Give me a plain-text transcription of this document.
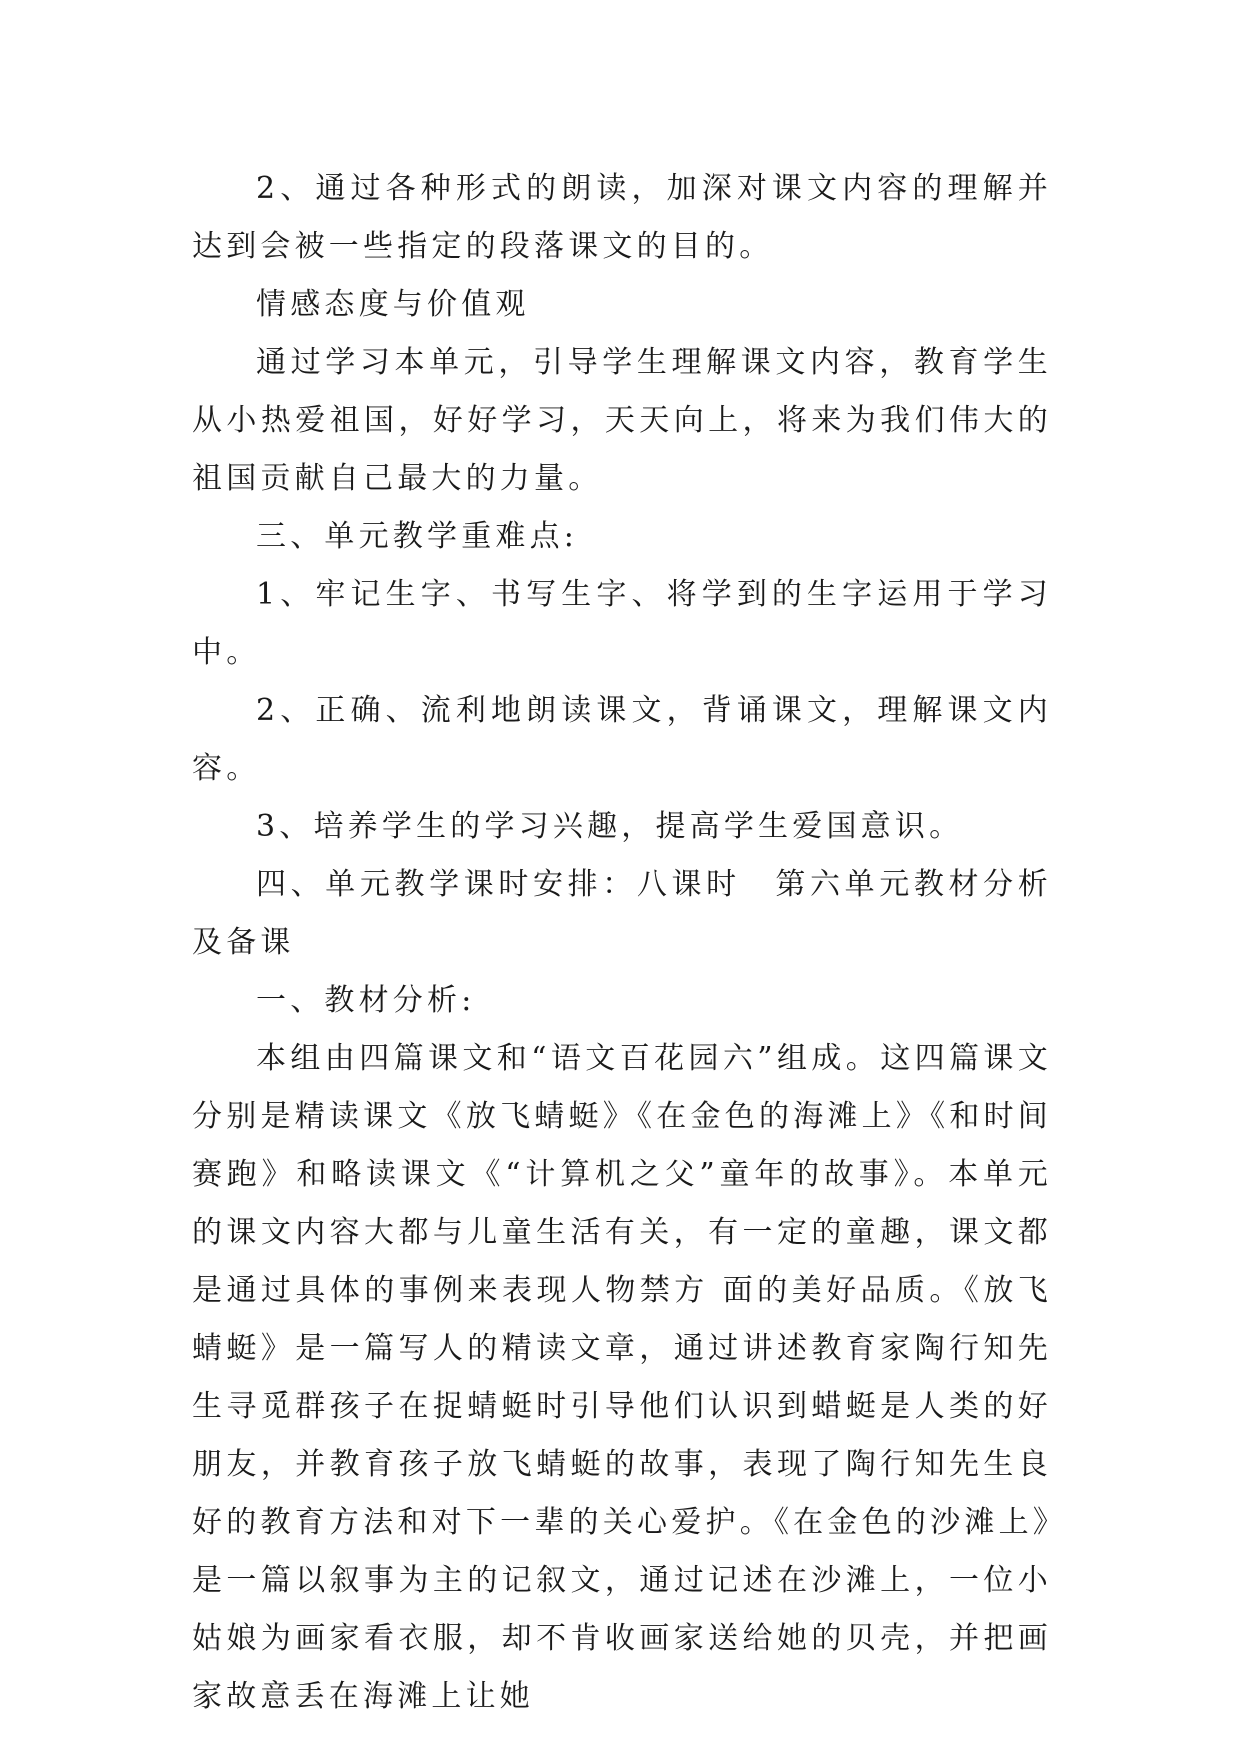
2、通过各种形式的朗读，加深对课文内容的理解并达到会被一些指定的段落课文的目的。

情感态度与价值观

通过学习本单元，引导学生理解课文内容，教育学生从小热爱祖国，好好学习，天天向上，将来为我们伟大的祖国贡献自己最大的力量。

三、单元教学重难点:

1、牢记生字、书写生字、将学到的生字运用于学习中。

2、正确、流利地朗读课文，背诵课文，理解课文内容。

3、培养学生的学习兴趣，提高学生爱国意识。

四、单元教学课时安排：八课时　第六单元教材分析及备课

一、教材分析:

本组由四篇课文和“语文百花园六”组成。这四篇课文分别是精读课文《放飞蜻蜓》《在金色的海滩上》《和时间赛跑》和略读课文《“计算机之父”童年的故事》。本单元的课文内容大都与儿童生活有关，有一定的童趣，课文都是通过具体的事例来表现人物禁方 面的美好品质。《放飞蜻蜓》是一篇写人的精读文章，通过讲述教育家陶行知先生寻觅群孩子在捉蜻蜓时引导他们认识到蜡蜓是人类的好朋友，并教育孩子放飞蜻蜓的故事，表现了陶行知先生良好的教育方法和对下一辈的关心爱护。《在金色的沙滩上》是一篇以叙事为主的记叙文，通过记述在沙滩上，一位小姑娘为画家看衣服，却不肯收画家送给她的贝壳，并把画家故意丢在海滩上让她
